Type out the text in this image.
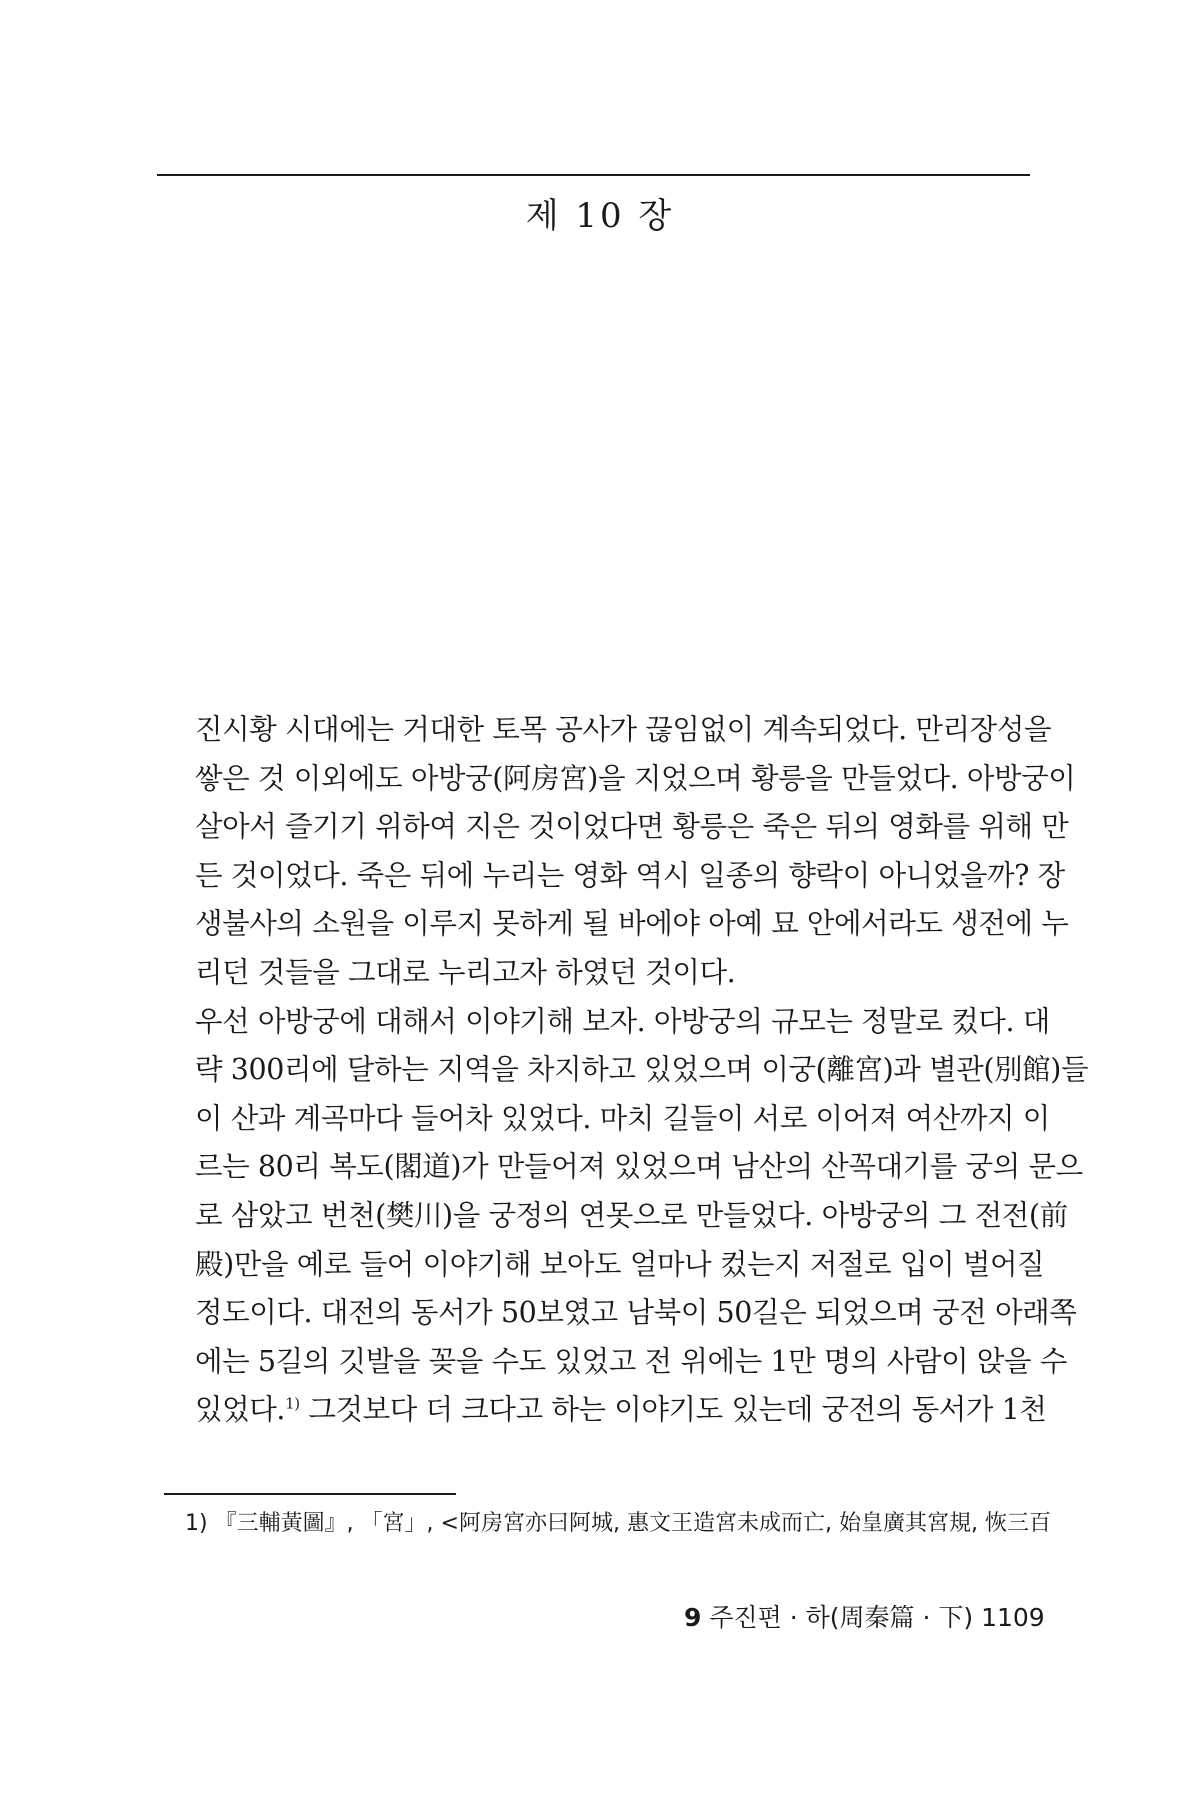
제 10 장

진시황 시대에는 거대한 토목 공사가 끊임없이 계속되었다. 만리장성을
쌓은 것 이외에도 아방궁(阿房宮)을 지었으며 황릉을 만들었다. 아방궁이
살아서 즐기기 위하여 지은 것이었다면 황릉은 죽은 뒤의 영화를 위해 만
든 것이었다. 죽은 뒤에 누리는 영화 역시 일종의 향락이 아니었을까? 장
생불사의 소원을 이루지 못하게 될 바에야 아예 묘 안에서라도 생전에 누
리던 것들을 그대로 누리고자 하였던 것이다.

우선 아방궁에 대해서 이야기해 보자. 아방궁의 규모는 정말로 컸다. 대
략 300리에 달하는 지역을 차지하고 있었으며 이궁(離宮)과 별관(別館)들
이 산과 계곡마다 들어차 있었다. 마치 길들이 서로 이어져 여산까지 이
르는 80리 복도(閣道)가 만들어져 있었으며 남산의 산꼭대기를 궁의 문으
로 삼았고 번천(樊川)을 궁정의 연못으로 만들었다. 아방궁의 그 전전(前
殿)만을 예로 들어 이야기해 보아도 얼마나 컸는지 저절로 입이 벌어질
정도이다. 대전의 동서가 50보였고 남북이 50길은 되었으며 궁전 아래쪽
에는 5길의 깃발을 꽂을 수도 있었고 전 위에는 1만 명의 사람이 앉을 수
있었다.$^{1)}$ 그것보다 더 크다고 하는 이야기도 있는데 궁전의 동서가 1천

1) 『三輔黃圖』, 「宮」, <阿房宮亦曰阿城, 惠文王造宮未成而亡, 始皇廣其宮規, 恢三百
9 주진편 · 하(周秦篇 · 下) 1109
